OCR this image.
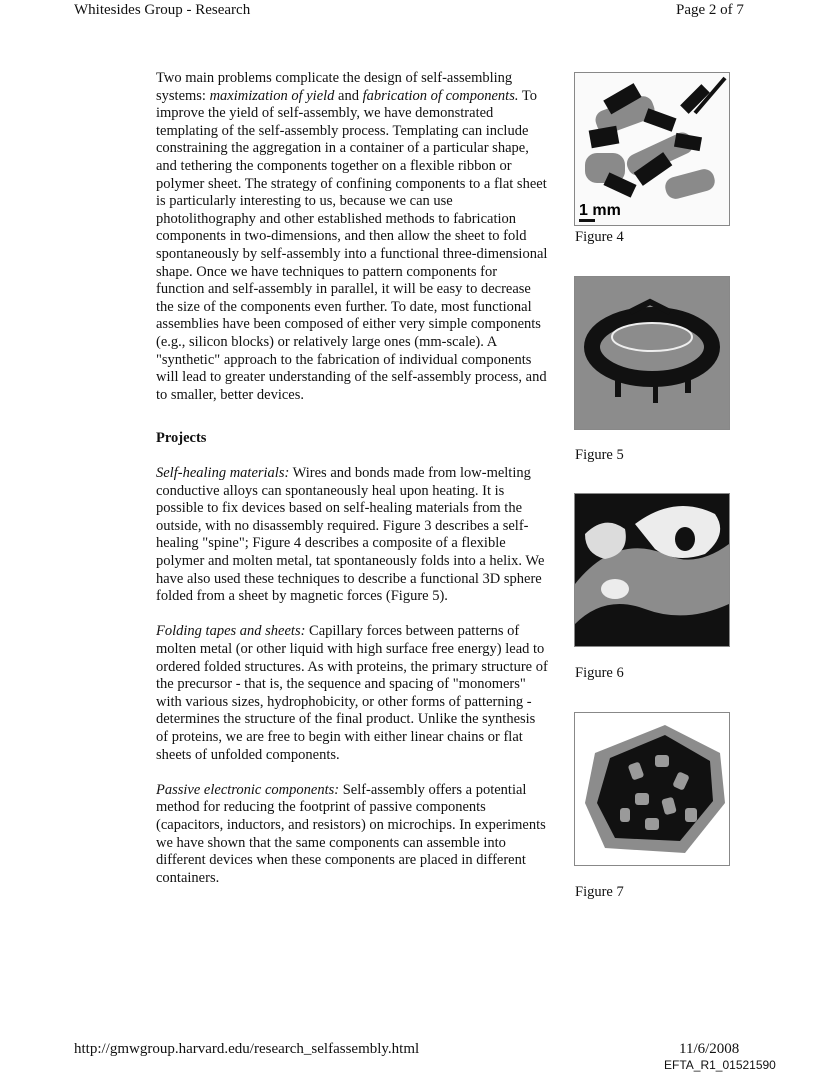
Whitesides Group - Research	Page 2 of 7

Two main problems complicate the design of self-assembling systems: maximization of yield and fabrication of components. To improve the yield of self-assembly, we have demonstrated templating of the self-assembly process. Templating can include constraining the aggregation in a container of a particular shape, and tethering the components together on a flexible ribbon or polymer sheet. The strategy of confining components to a flat sheet is particularly interesting to us, because we can use photolithography and other established methods to fabrication components in two-dimensions, and then allow the sheet to fold spontaneously by self-assembly into a functional three-dimensional shape. Once we have techniques to pattern components for function and self-assembly in parallel, it will be easy to decrease the size of the components even further. To date, most functional assemblies have been composed of either very simple components (e.g., silicon blocks) or relatively large ones (mm-scale). A "synthetic" approach to the fabrication of individual components will lead to greater understanding of the self-assembly process, and to smaller, better devices.

Projects

Self-healing materials: Wires and bonds made from low-melting conductive alloys can spontaneously heal upon heating. It is possible to fix devices based on self-healing materials from the outside, with no disassembly required. Figure 3 describes a self-healing "spine"; Figure 4 describes a composite of a flexible polymer and molten metal, tat spontaneously folds into a helix. We have also used these techniques to describe a functional 3D sphere folded from a sheet by magnetic forces (Figure 5).

Folding tapes and sheets: Capillary forces between patterns of molten metal (or other liquid with high surface free energy) lead to ordered folded structures. As with proteins, the primary structure of the precursor - that is, the sequence and spacing of "monomers" with various sizes, hydrophobicity, or other forms of patterning - determines the structure of the final product. Unlike the synthesis of proteins, we are free to begin with either linear chains or flat sheets of unfolded components.

Passive electronic components: Self-assembly offers a potential method for reducing the footprint of passive components (capacitors, inductors, and resistors) on microchips. In experiments we have shown that the same components can assemble into different devices when these components are placed in different containers.

1 mm
Figure 4
Figure 5
Figure 6
Figure 7
http://gmwgroup.harvard.edu/research_selfassembly.html	11/6/2008
EFTA_R1_01521590
